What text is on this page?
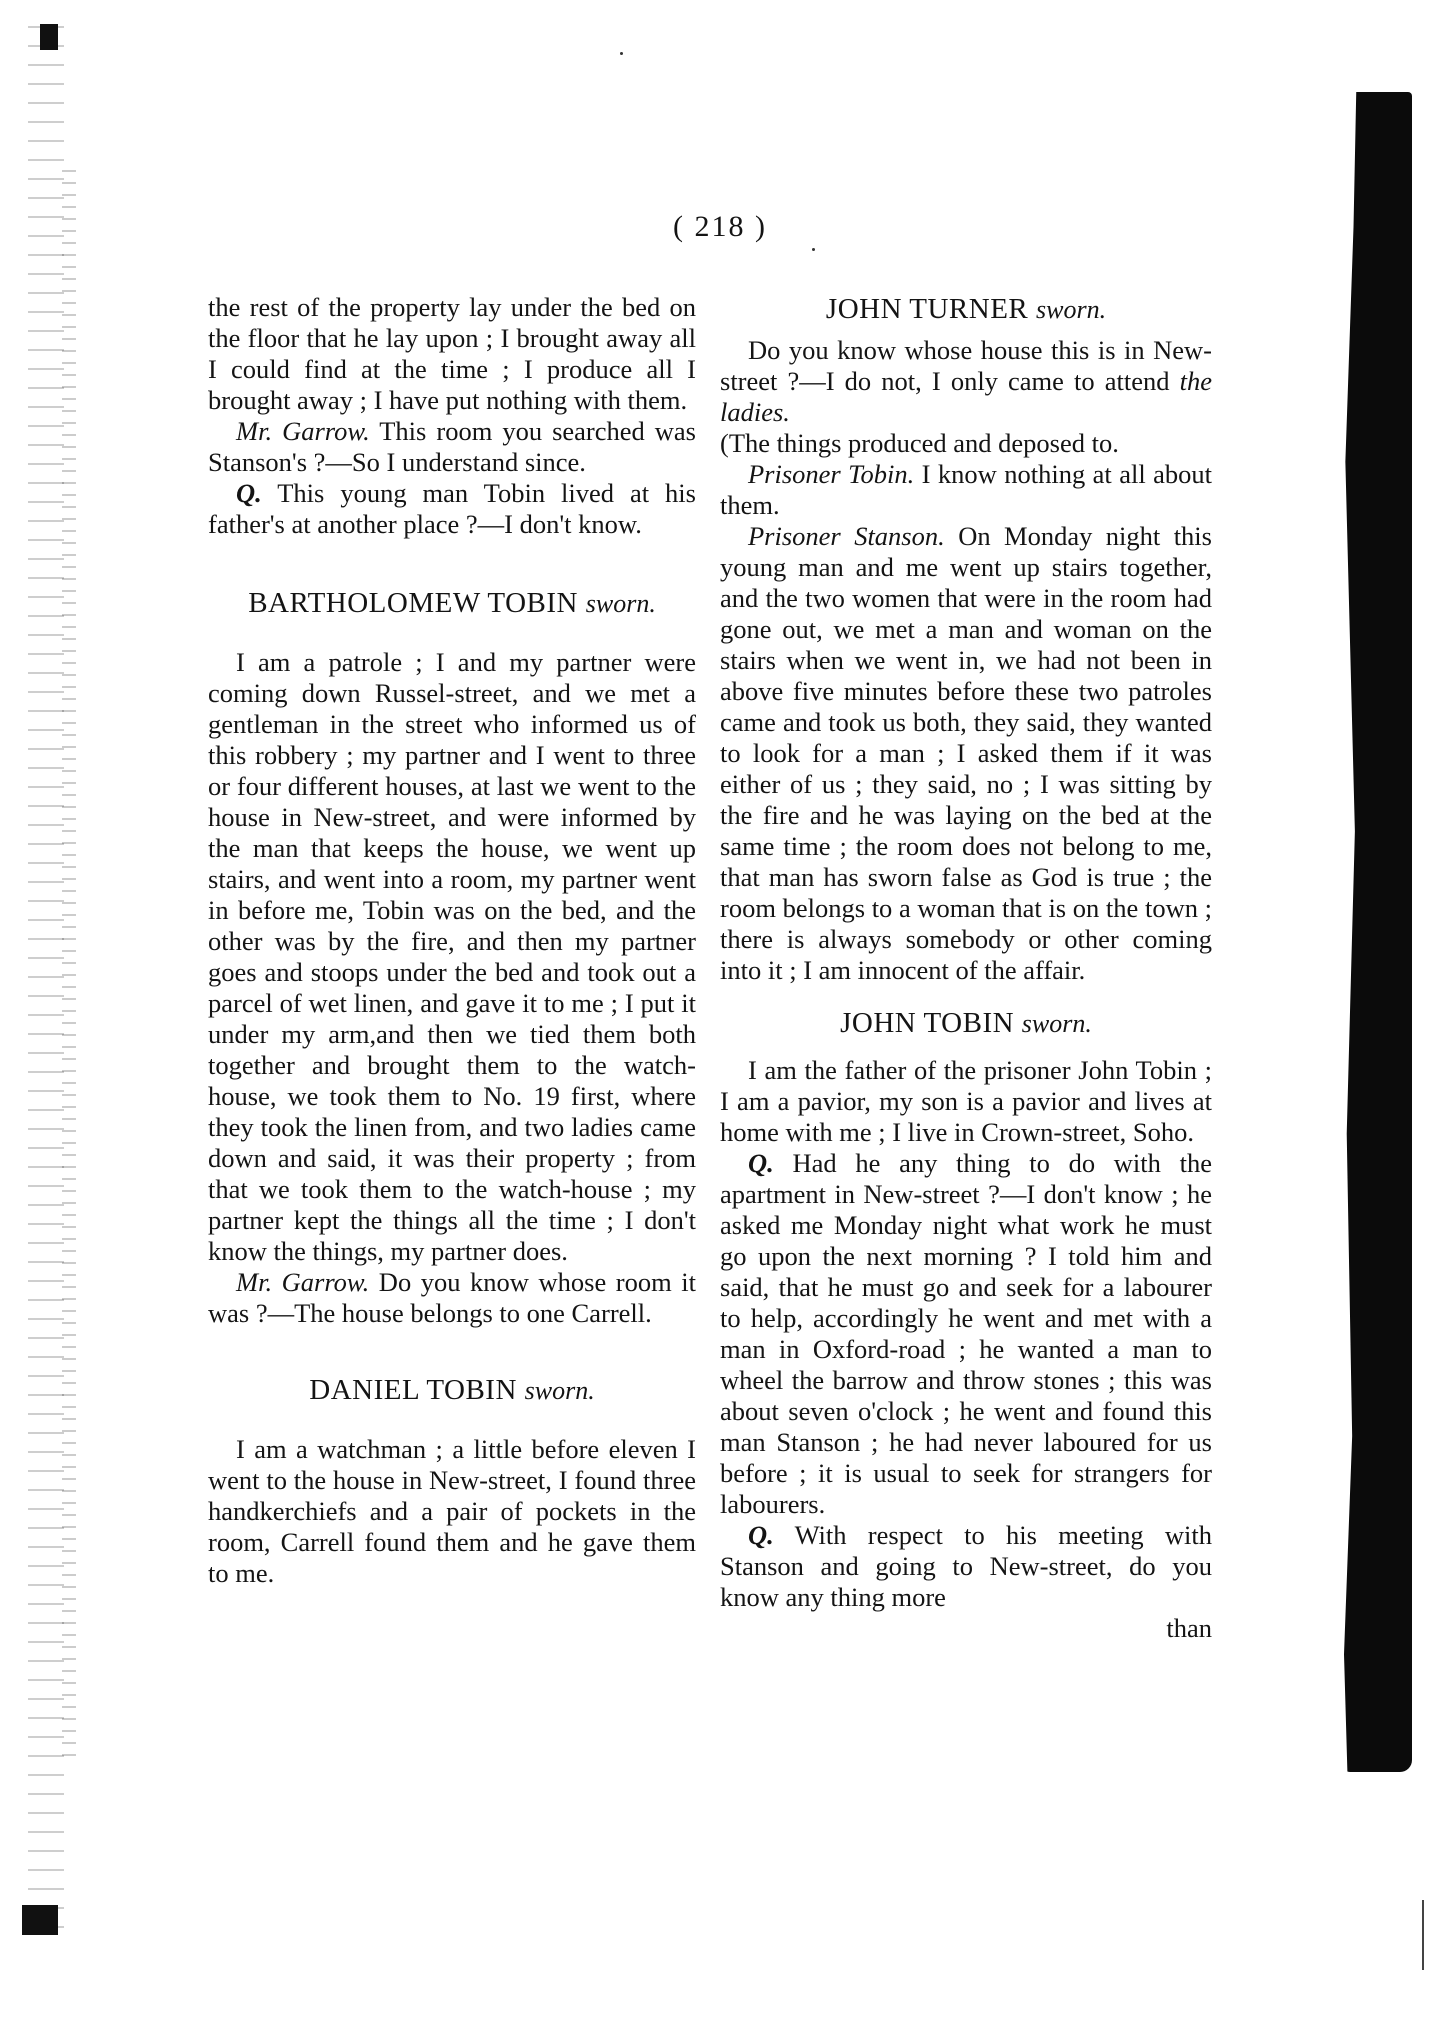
( 218 )

the rest of the property lay under the bed on the floor that he lay upon ; I brought away all I could find at the time ; I produce all I brought away ; I have put nothing with them.

Mr. Garrow. This room you searched was Stanson's ?—So I understand since.

Q. This young man Tobin lived at his father's at another place ?—I don't know.

BARTHOLOMEW TOBIN sworn.

I am a patrole ; I and my partner were coming down Russel-street, and we met a gentleman in the street who informed us of this robbery ; my partner and I went to three or four different houses, at last we went to the house in New-street, and were informed by the man that keeps the house, we went up stairs, and went into a room, my partner went in before me, Tobin was on the bed, and the other was by the fire, and then my partner goes and stoops under the bed and took out a parcel of wet linen, and gave it to me ; I put it under my arm,and then we tied them both together and brought them to the watch-house, we took them to No. 19 first, where they took the linen from, and two ladies came down and said, it was their property ; from that we took them to the watch-house ; my partner kept the things all the time ; I don't know the things, my partner does.

Mr. Garrow. Do you know whose room it was ?—The house belongs to one Carrell.

DANIEL TOBIN sworn.

I am a watchman ; a little before eleven I went to the house in New-street, I found three handkerchiefs and a pair of pockets in the room, Carrell found them and he gave them to me.

JOHN TURNER sworn.

Do you know whose house this is in New-street ?—I do not, I only came to attend the ladies.

(The things produced and deposed to.

Prisoner Tobin. I know nothing at all about them.

Prisoner Stanson. On Monday night this young man and me went up stairs together, and the two women that were in the room had gone out, we met a man and woman on the stairs when we went in, we had not been in above five minutes before these two patroles came and took us both, they said, they wanted to look for a man ; I asked them if it was either of us ; they said, no ; I was sitting by the fire and he was laying on the bed at the same time ; the room does not belong to me, that man has sworn false as God is true ; the room belongs to a woman that is on the town ; there is always somebody or other coming into it ; I am innocent of the affair.

JOHN TOBIN sworn.

I am the father of the prisoner John Tobin ; I am a pavior, my son is a pavior and lives at home with me ; I live in Crown-street, Soho.

Q. Had he any thing to do with the apartment in New-street ?—I don't know ; he asked me Monday night what work he must go upon the next morning ? I told him and said, that he must go and seek for a labourer to help, accordingly he went and met with a man in Oxford-road ; he wanted a man to wheel the barrow and throw stones ; this was about seven o'clock ; he went and found this man Stanson ; he had never laboured for us before ; it is usual to seek for strangers for labourers.

Q. With respect to his meeting with Stanson and going to New-street, do you know any thing more

than
